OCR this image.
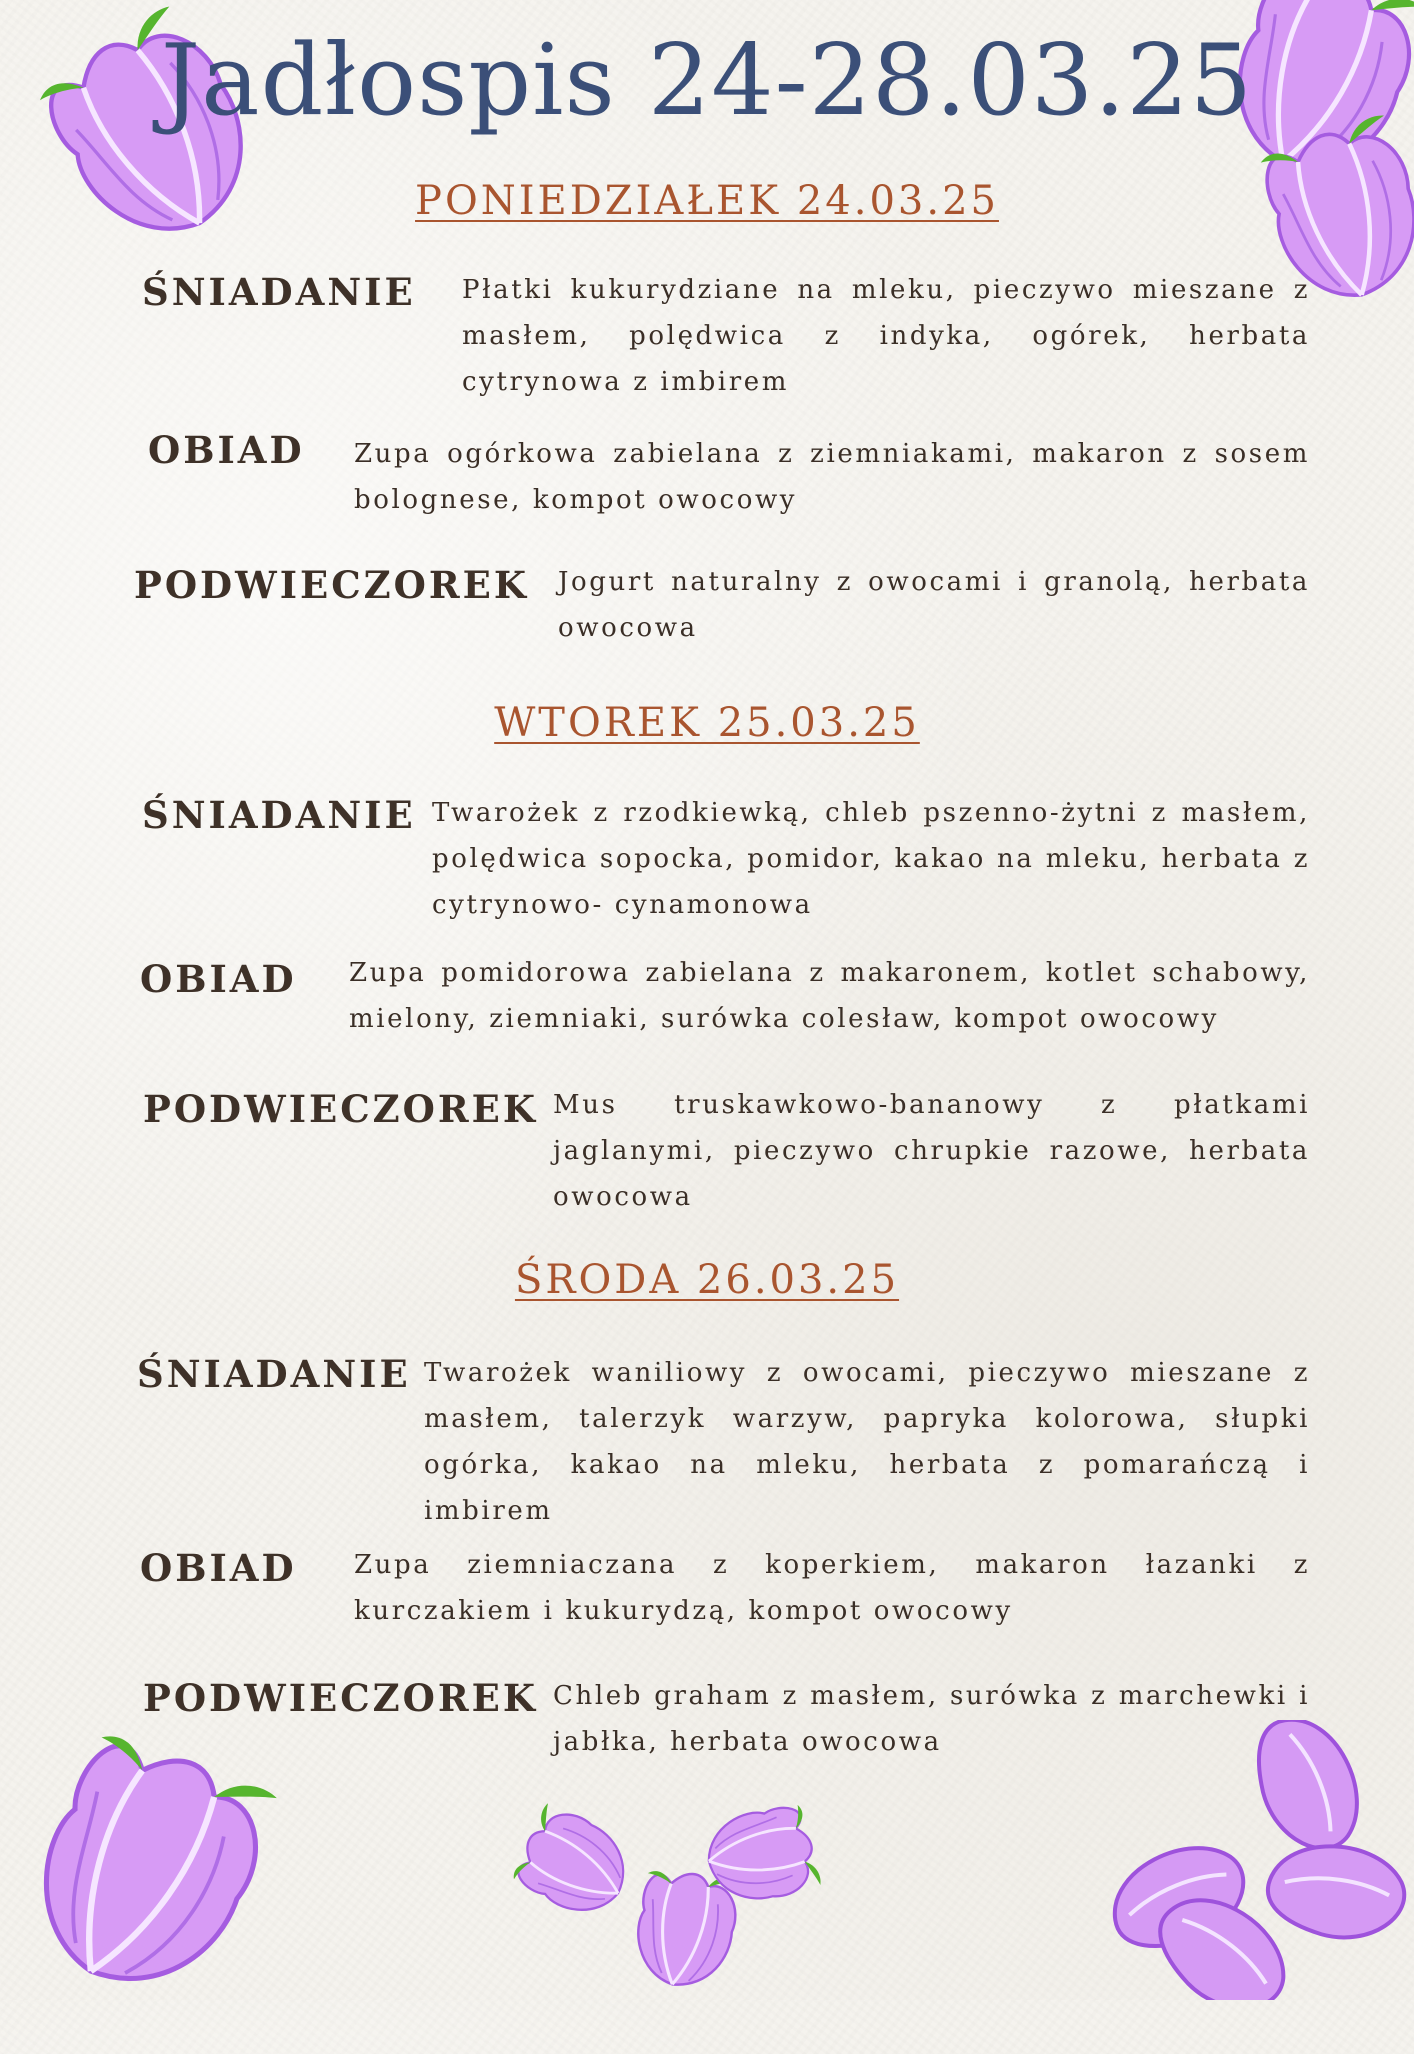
Jadłospis 24-28.03.25
PONIEDZIAŁEK 24.03.25

ŚNIADANIE Płatki kukurydziane na mleku, pieczywo mieszane z masłem, polędwica z indyka, ogórek, herbata cytrynowa z imbirem

OBIAD Zupa ogórkowa zabielana z ziemniakami, makaron z sosem bolognese, kompot owocowy

PODWIECZOREK Jogurt naturalny z owocami i granolą, herbata owocowa

WTOREK 25.03.25

ŚNIADANIE Twarożek z rzodkiewką, chleb pszenno-żytni z masłem, polędwica sopocka, pomidor, kakao na mleku, herbata z cytrynowo- cynamonowa

OBIAD Zupa pomidorowa zabielana z makaronem, kotlet schabowy, mielony, ziemniaki, surówka colesław, kompot owocowy

PODWIECZOREK Mus truskawkowo-bananowy z płatkami jaglanymi, pieczywo chrupkie razowe, herbata owocowa

ŚRODA 26.03.25

ŚNIADANIE Twarożek waniliowy z owocami, pieczywo mieszane z masłem, talerzyk warzyw, papryka kolorowa, słupki ogórka, kakao na mleku, herbata z pomarańczą i imbirem

OBIAD Zupa ziemniaczana z koperkiem, makaron łazanki z kurczakiem i kukurydzą, kompot owocowy

PODWIECZOREK Chleb graham z masłem, surówka z marchewki i jabłka, herbata owocowa
